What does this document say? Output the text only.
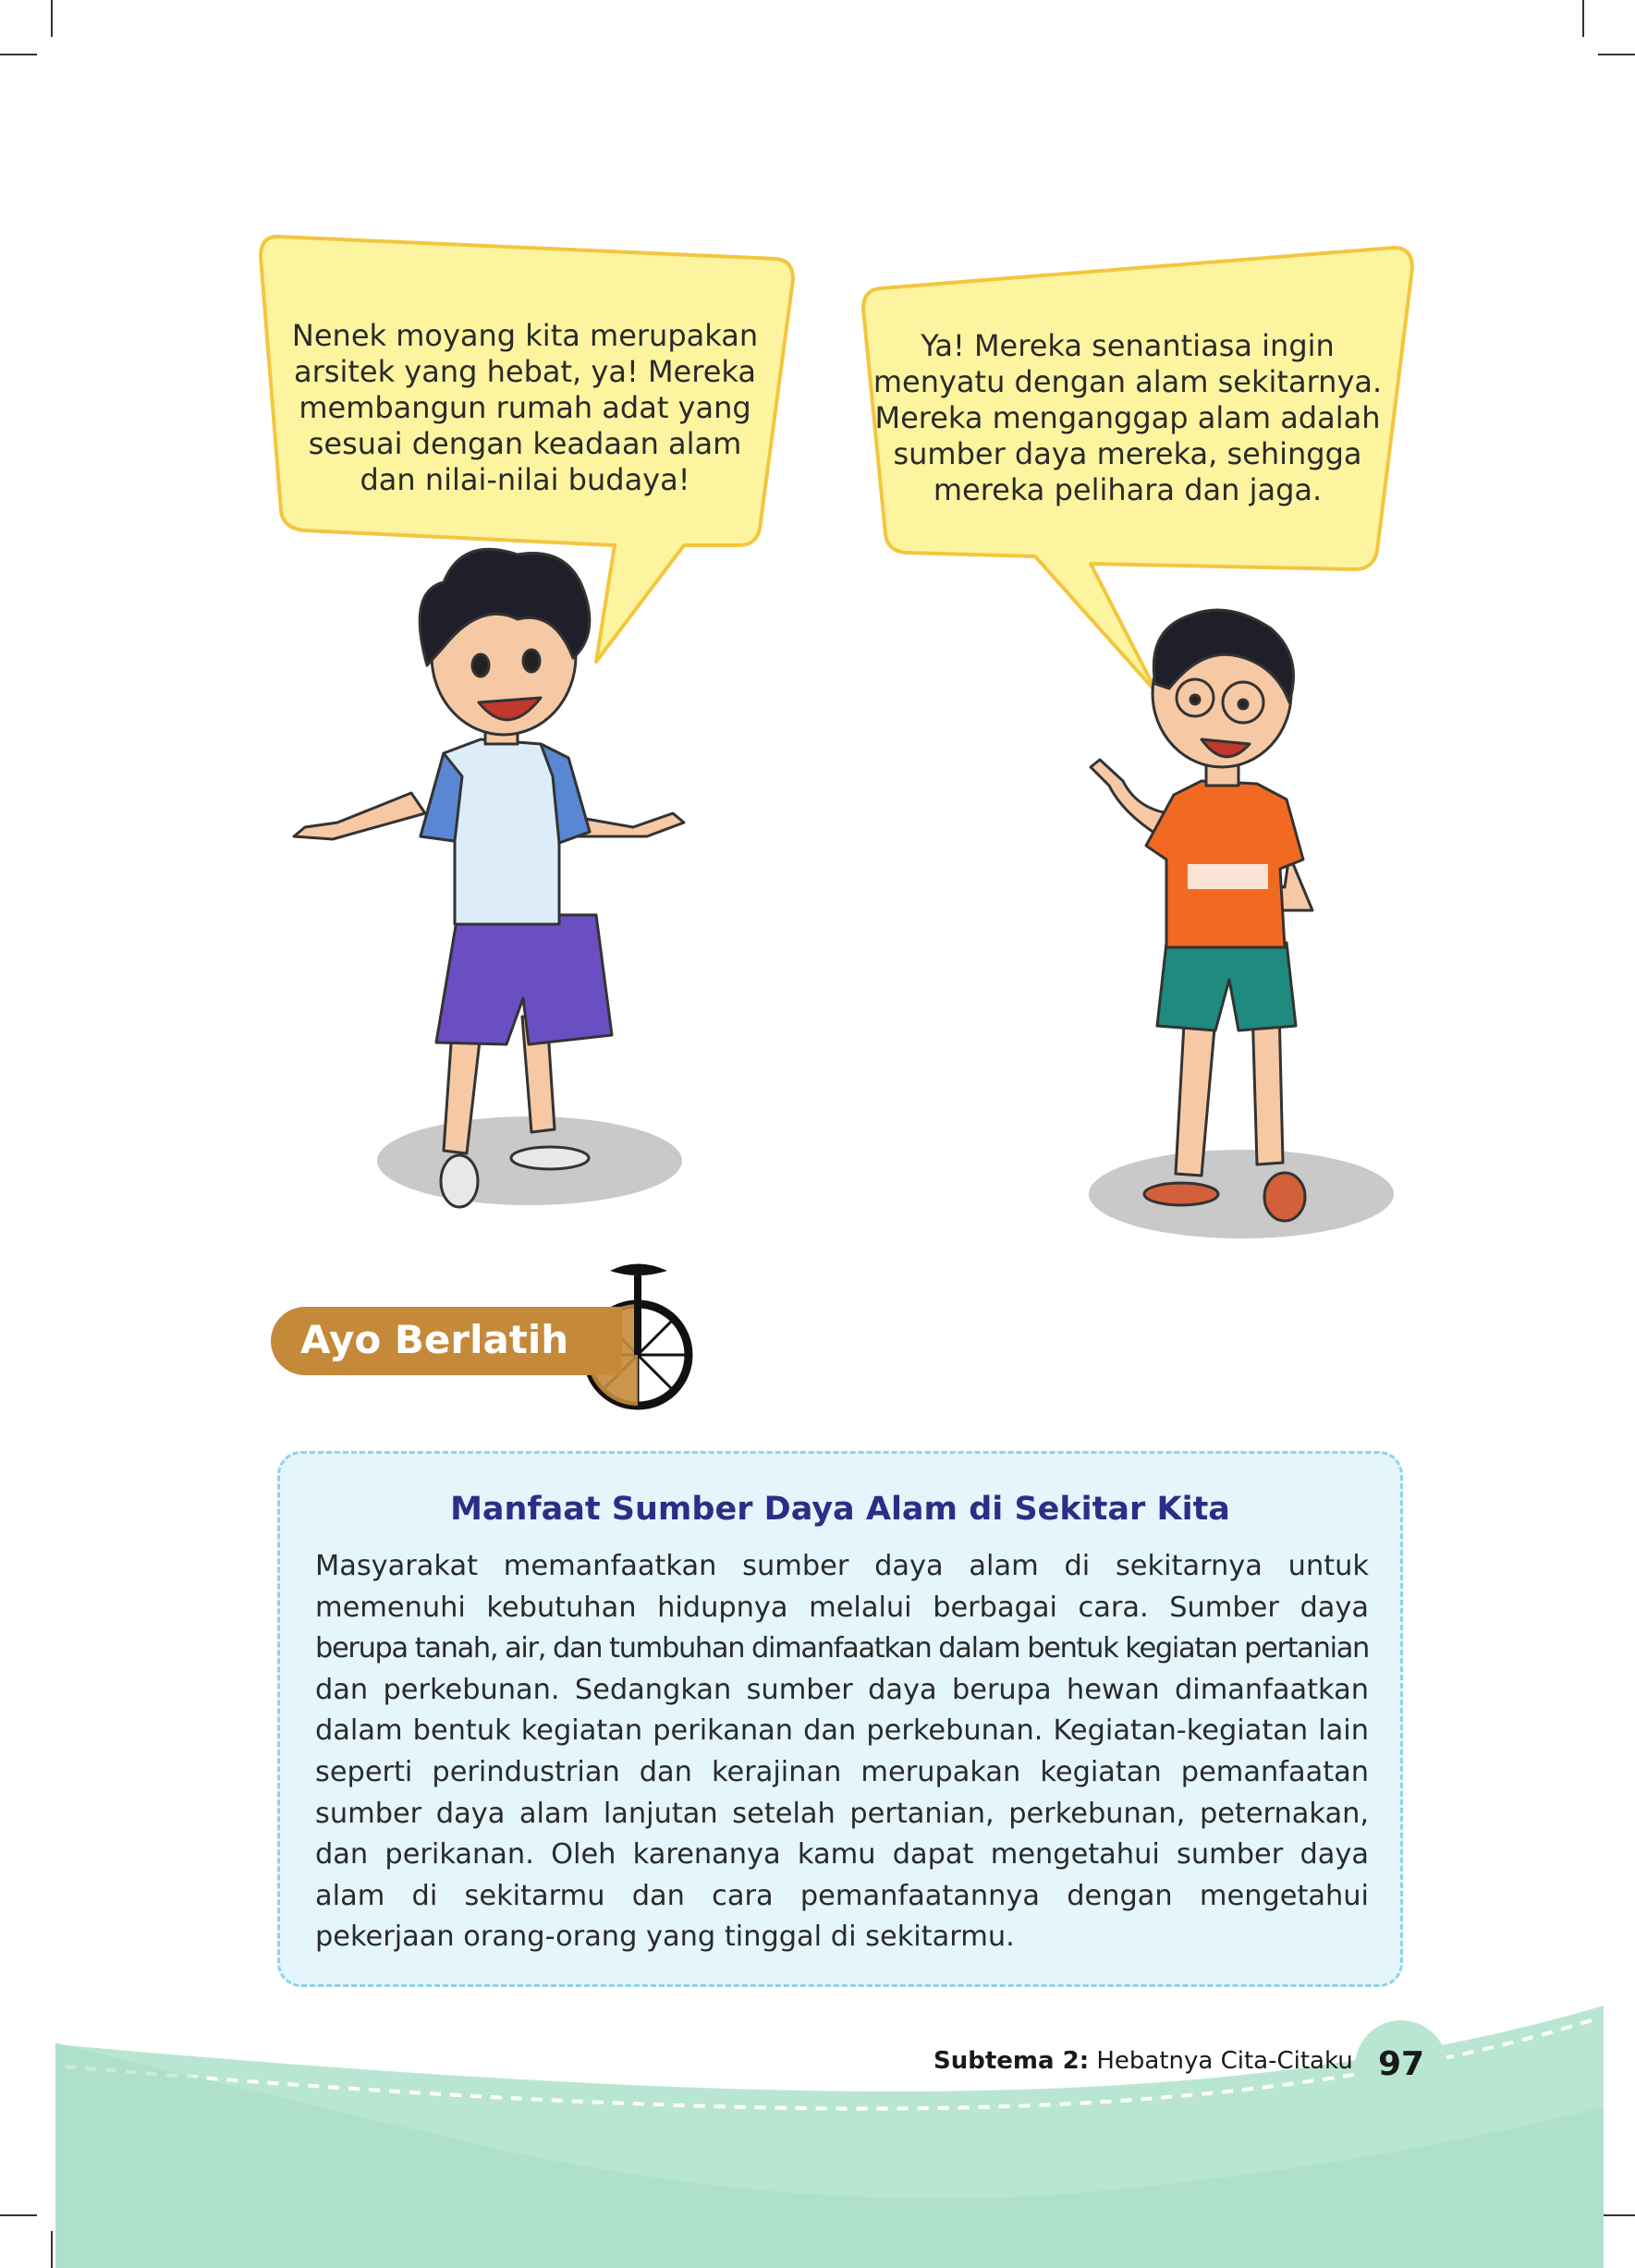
Nenek moyang kita merupakan
arsitek yang hebat, ya! Mereka
membangun rumah adat yang
sesuai dengan keadaan alam
dan nilai-nilai budaya!
Ya! Mereka senantiasa ingin
menyatu dengan alam sekitarnya.
Mereka menganggap alam adalah
sumber daya mereka, sehingga
mereka pelihara dan jaga.
Ayo Berlatih
Manfaat Sumber Daya Alam di Sekitar Kita
Masyarakat memanfaatkan sumber daya alam di sekitarnya untuk
memenuhi kebutuhan hidupnya melalui berbagai cara. Sumber daya
berupa tanah, air, dan tumbuhan dimanfaatkan dalam bentuk kegiatan pertanian
dan perkebunan. Sedangkan sumber daya berupa hewan dimanfaatkan
dalam bentuk kegiatan perikanan dan perkebunan. Kegiatan-kegiatan lain
seperti perindustrian dan kerajinan merupakan kegiatan pemanfaatan
sumber daya alam lanjutan setelah pertanian, perkebunan, peternakan,
dan perikanan. Oleh karenanya kamu dapat mengetahui sumber daya
alam di sekitarmu dan cara pemanfaatannya dengan mengetahui
pekerjaan orang-orang yang tinggal di sekitarmu.
Subtema 2: Hebatnya Cita-Citaku 97
